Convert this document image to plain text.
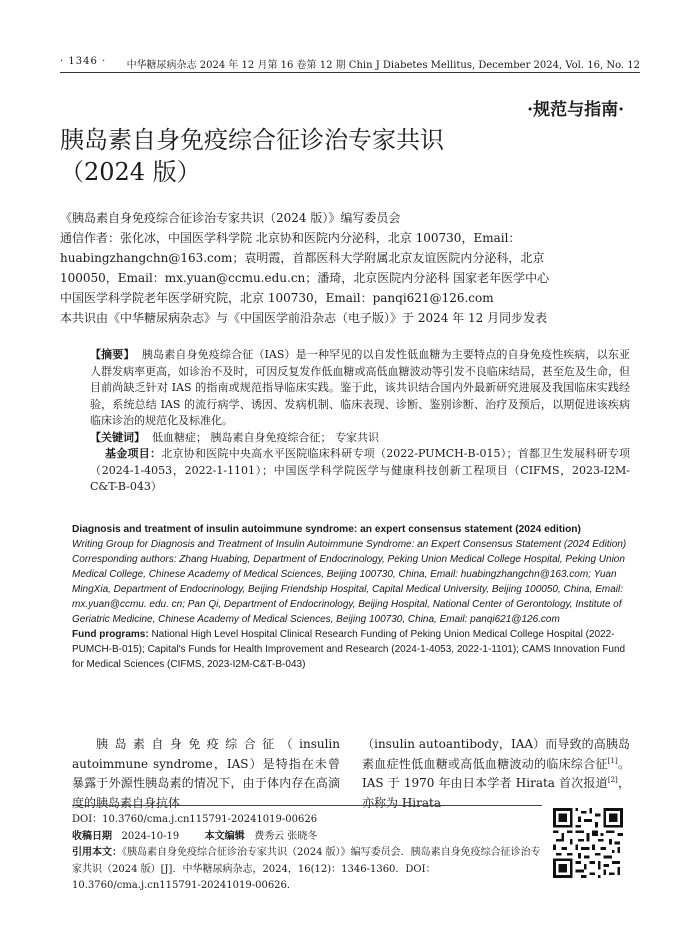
· 1346 · 中华糖尿病杂志 2024 年 12 月第 16 卷第 12 期 Chin J Diabetes Mellitus, December 2024, Vol. 16, No. 12
·规范与指南·
胰岛素自身免疫综合征诊治专家共识
（2024 版）

《胰岛素自身免疫综合征诊治专家共识（2024 版）》编写委员会

通信作者：张化冰，中国医学科学院 北京协和医院内分泌科，北京 100730，Email：

huabingzhangchn@163.com；袁明霞，首都医科大学附属北京友谊医院内分泌科，北京

100050，Email：mx.yuan@ccmu.edu.cn；潘琦，北京医院内分泌科 国家老年医学中心

中国医学科学院老年医学研究院，北京 100730，Email：panqi621@126.com

本共识由《中华糖尿病杂志》与《中国医学前沿杂志（电子版）》于 2024 年 12 月同步发表

【摘要】 胰岛素自身免疫综合征（IAS）是一种罕见的以自发性低血糖为主要特点的自身免疫性疾病，以东亚人群发病率更高，如诊治不及时，可因反复发作低血糖或高低血糖波动等引发不良临床结局，甚至危及生命，但目前尚缺乏针对 IAS 的指南或规范指导临床实践。鉴于此，该共识结合国内外最新研究进展及我国临床实践经验，系统总结 IAS 的流行病学、诱因、发病机制、临床表现、诊断、鉴别诊断、治疗及预后，以期促进该疾病临床诊治的规范化及标准化。

【关键词】 低血糖症； 胰岛素自身免疫综合征； 专家共识

基金项目：北京协和医院中央高水平医院临床科研专项（2022-PUMCH-B-015）；首都卫生发展科研专项（2024-1-4053，2022-1-1101）；中国医学科学院医学与健康科技创新工程项目（CIFMS，2023-I2M-C&T-B-043）

Diagnosis and treatment of insulin autoimmune syndrome: an expert consensus statement (2024 edition)

Writing Group for Diagnosis and Treatment of Insulin Autoimmune Syndrome: an Expert Consensus Statement (2024 Edition)

Corresponding authors: Zhang Huabing, Department of Endocrinology, Peking Union Medical College Hospital, Peking Union Medical College, Chinese Academy of Medical Sciences, Beijing 100730, China, Email: huabingzhangchn@163.com; Yuan MingXia, Department of Endocrinology, Beijing Friendship Hospital, Capital Medical University, Beijing 100050, China, Email: mx.yuan@ccmu. edu. cn; Pan Qi, Department of Endocrinology, Beijing Hospital, National Center of Gerontology, Institute of Geriatric Medicine, Chinese Academy of Medical Sciences, Beijing 100730, China, Email: panqi621@126.com

Fund programs: National High Level Hospital Clinical Research Funding of Peking Union Medical College Hospital (2022-PUMCH-B-015); Capital's Funds for Health Improvement and Research (2024-1-4053, 2022-1-1101); CAMS Innovation Fund for Medical Sciences (CIFMS, 2023-I2M-C&T-B-043)

胰岛素自身免疫综合征（insulin autoimmune syndrome，IAS）是特指在未曾暴露于外源性胰岛素的情况下，由于体内存在高滴度的胰岛素自身抗体

（insulin autoantibody，IAA）而导致的高胰岛素血症性低血糖或高低血糖波动的临床综合征[1]。IAS 于 1970 年由日本学者 Hirata 首次报道[2]，亦称为 Hirata

DOI：10.3760/cma.j.cn115791-20241019-00626

收稿日期 2024-10-19	本文编辑 费秀云 张晓冬

引用本文：《胰岛素自身免疫综合征诊治专家共识（2024 版）》编写委员会．胰岛素自身免疫综合征诊治专家共识（2024 版）[J]．中华糖尿病杂志，2024，16(12)：1346-1360．DOI：10.3760/cma.j.cn115791-20241019-00626．
